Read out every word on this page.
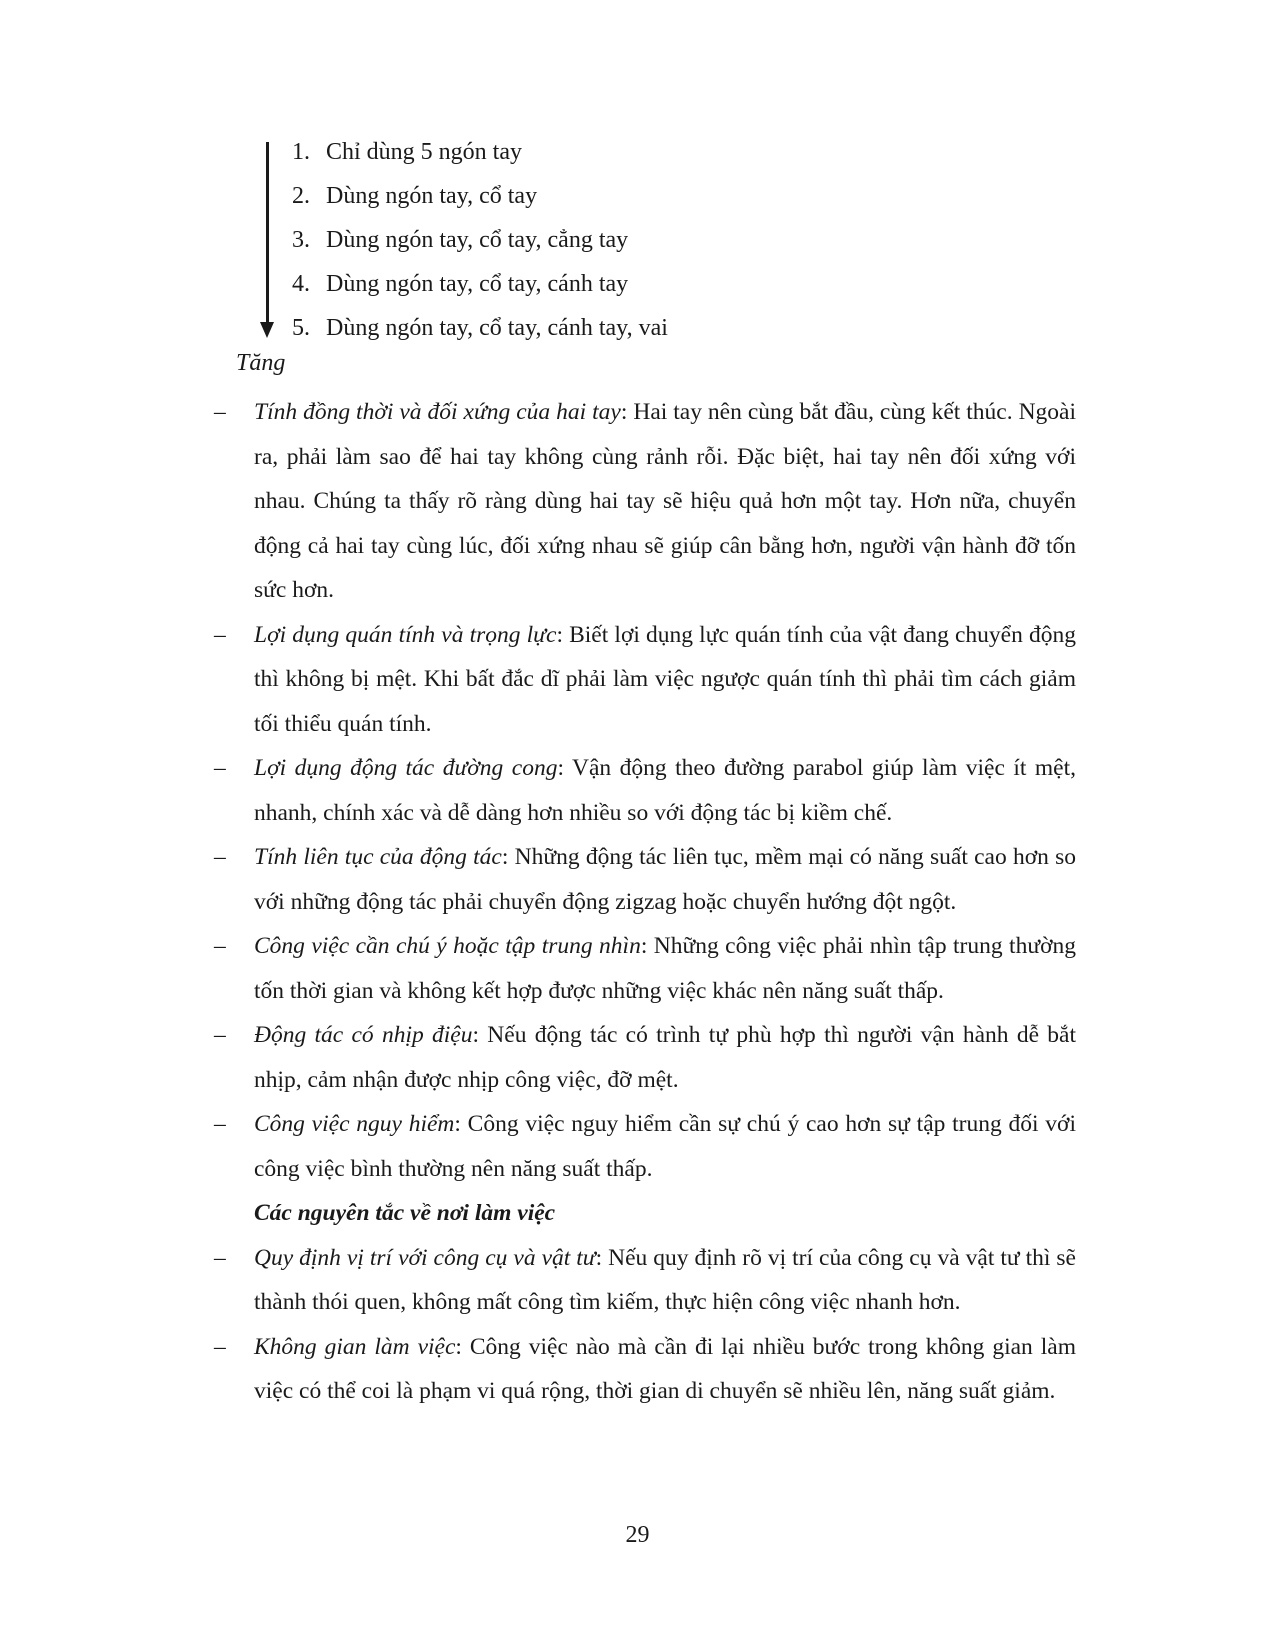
1. Chỉ dùng 5 ngón tay
2. Dùng ngón tay, cổ tay
3. Dùng ngón tay, cổ tay, cẳng tay
4. Dùng ngón tay, cổ tay, cánh tay
5. Dùng ngón tay, cổ tay, cánh tay, vai
Tăng

– Tính đồng thời và đối xứng của hai tay: Hai tay nên cùng bắt đầu, cùng kết thúc. Ngoài ra, phải làm sao để hai tay không cùng rảnh rỗi. Đặc biệt, hai tay nên đối xứng với nhau. Chúng ta thấy rõ ràng dùng hai tay sẽ hiệu quả hơn một tay. Hơn nữa, chuyển động cả hai tay cùng lúc, đối xứng nhau sẽ giúp cân bằng hơn, người vận hành đỡ tốn sức hơn.

– Lợi dụng quán tính và trọng lực: Biết lợi dụng lực quán tính của vật đang chuyển động thì không bị mệt. Khi bất đắc dĩ phải làm việc ngược quán tính thì phải tìm cách giảm tối thiểu quán tính.

– Lợi dụng động tác đường cong: Vận động theo đường parabol giúp làm việc ít mệt, nhanh, chính xác và dễ dàng hơn nhiều so với động tác bị kiềm chế.

– Tính liên tục của động tác: Những động tác liên tục, mềm mại có năng suất cao hơn so với những động tác phải chuyển động zigzag hoặc chuyển hướng đột ngột.

– Công việc cần chú ý hoặc tập trung nhìn: Những công việc phải nhìn tập trung thường tốn thời gian và không kết hợp được những việc khác nên năng suất thấp.

– Động tác có nhịp điệu: Nếu động tác có trình tự phù hợp thì người vận hành dễ bắt nhịp, cảm nhận được nhịp công việc, đỡ mệt.

– Công việc nguy hiểm: Công việc nguy hiểm cần sự chú ý cao hơn sự tập trung đối với công việc bình thường nên năng suất thấp.

Các nguyên tắc về nơi làm việc

– Quy định vị trí với công cụ và vật tư: Nếu quy định rõ vị trí của công cụ và vật tư thì sẽ thành thói quen, không mất công tìm kiếm, thực hiện công việc nhanh hơn.

– Không gian làm việc: Công việc nào mà cần đi lại nhiều bước trong không gian làm việc có thể coi là phạm vi quá rộng, thời gian di chuyển sẽ nhiều lên, năng suất giảm.

29
